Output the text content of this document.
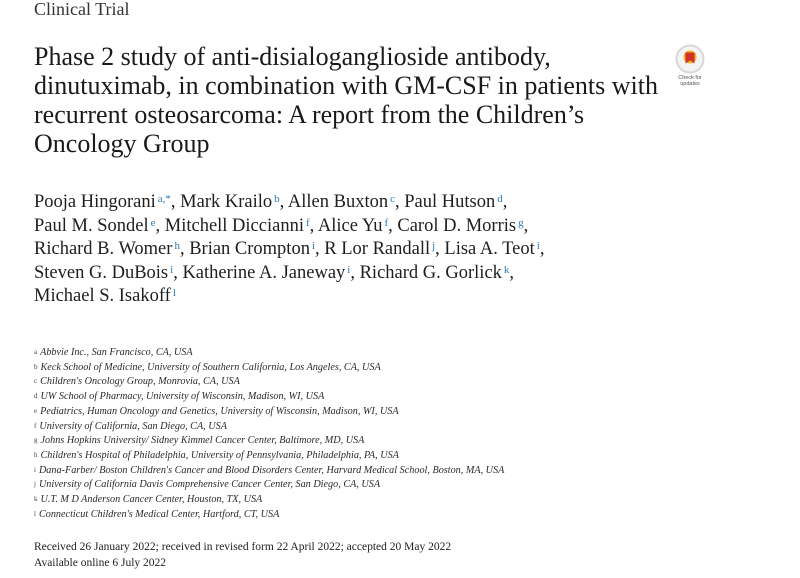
Clinical Trial
Phase 2 study of anti-disialoganglioside antibody, dinutuximab, in combination with GM-CSF in patients with recurrent osteosarcoma: A report from the Children’s Oncology Group
Check for
updates
Pooja Hingorani $^{a,*}$, Mark Krailo $^b$, Allen Buxton $^c$, Paul Hutson $^d$,
Paul M. Sondel $^e$, Mitchell Diccianni $^f$, Alice Yu $^f$, Carol D. Morris $^g$,
Richard B. Womer $^h$, Brian Crompton $^i$, R Lor Randall $^j$, Lisa A. Teot $^i$,
Steven G. DuBois $^i$, Katherine A. Janeway $^i$, Richard G. Gorlick $^k$,
Michael S. Isakoff $^l$
$^a$ Abbvie Inc., San Francisco, CA, USA
$^b$ Keck School of Medicine, University of Southern California, Los Angeles, CA, USA
$^c$ Children's Oncology Group, Monrovia, CA, USA
$^d$ UW School of Pharmacy, University of Wisconsin, Madison, WI, USA
$^e$ Pediatrics, Human Oncology and Genetics, University of Wisconsin, Madison, WI, USA
$^f$ University of California, San Diego, CA, USA
$^g$ Johns Hopkins University/ Sidney Kimmel Cancer Center, Baltimore, MD, USA
$^h$ Children's Hospital of Philadelphia, University of Pennsylvania, Philadelphia, PA, USA
$^i$ Dana-Farber/ Boston Children's Cancer and Blood Disorders Center, Harvard Medical School, Boston, MA, USA
$^j$ University of California Davis Comprehensive Cancer Center, San Diego, CA, USA
$^k$ U.T. M D Anderson Cancer Center, Houston, TX, USA
$^l$ Connecticut Children's Medical Center, Hartford, CT, USA
Received 26 January 2022; received in revised form 22 April 2022; accepted 20 May 2022
Available online 6 July 2022
